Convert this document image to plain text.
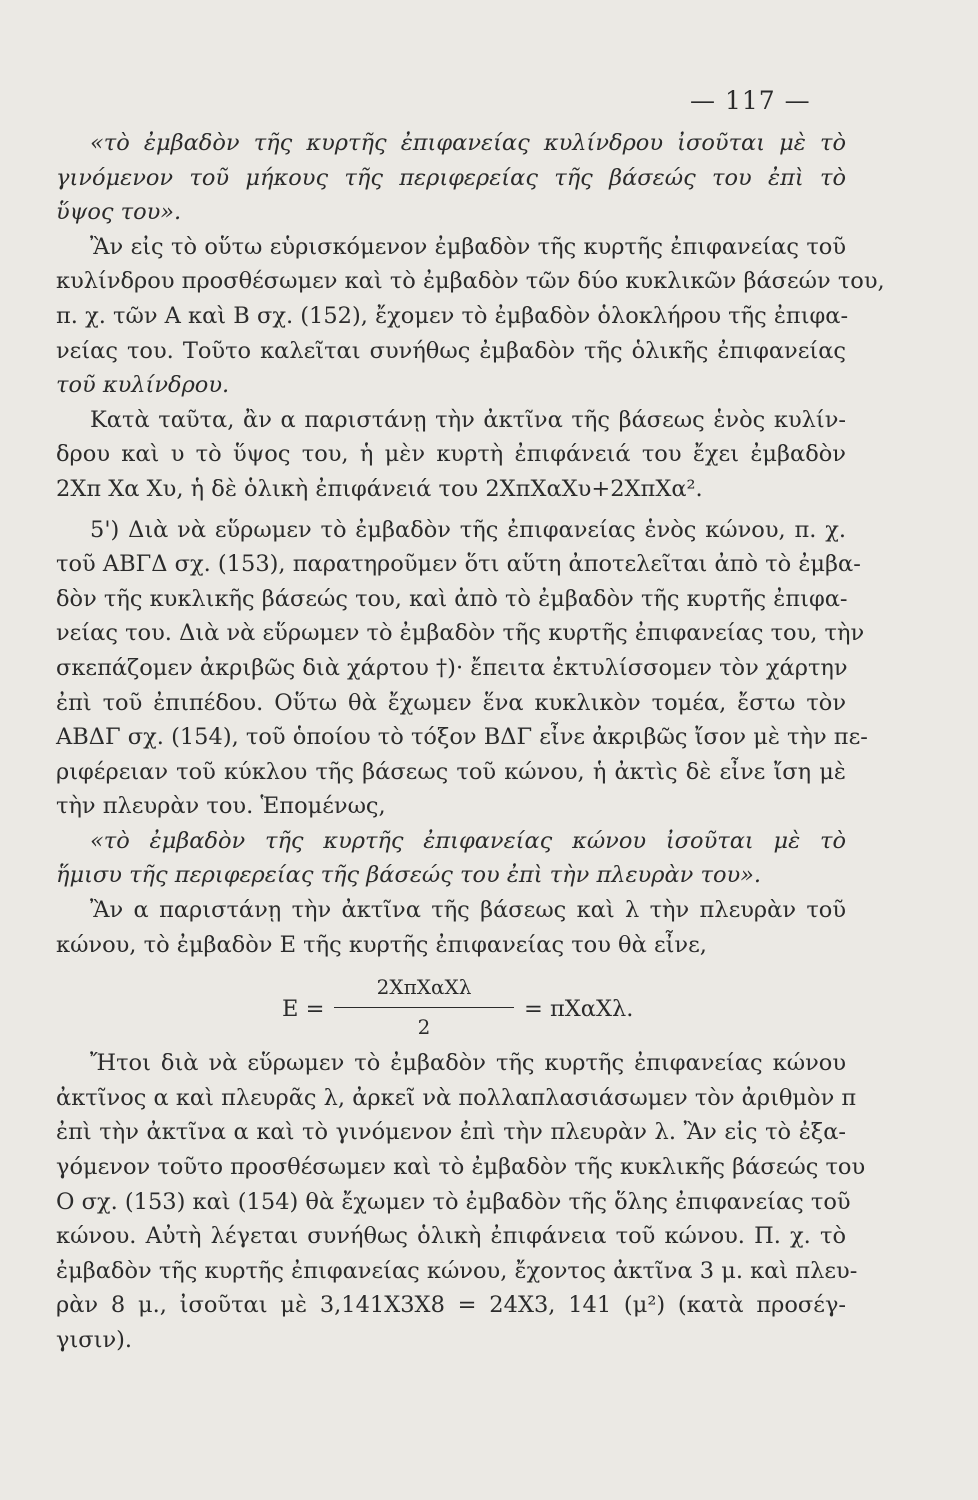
— 117 —
«τὸ ἐμβαδὸν τῆς κυρτῆς ἐπιφανείας κυλίνδρου ἰσοῦται μὲ τὸ
γινόμενον τοῦ μήκους τῆς περιφερείας τῆς βάσεώς του ἐπὶ τὸ
ὕψος του».
Ἂν εἰς τὸ οὕτω εὑρισκόμενον ἐμβαδὸν τῆς κυρτῆς ἐπιφανείας τοῦ
κυλίνδρου προσθέσωμεν καὶ τὸ ἐμβαδὸν τῶν δύο κυκλικῶν βάσεών του,
π. χ. τῶν Α καὶ Β σχ. (152), ἔχομεν τὸ ἐμβαδὸν ὁλοκλήρου τῆς ἐπιφα-
νείας του. Τοῦτο καλεῖται συνήθως ἐμβαδὸν τῆς ὁλικῆς ἐπιφανείας
τοῦ κυλίνδρου.
Κατὰ ταῦτα, ἂν α παριστάνῃ τὴν ἀκτῖνα τῆς βάσεως ἑνὸς κυλίν-
δρου καὶ υ τὸ ὕψος του, ἡ μὲν κυρτὴ ἐπιφάνειά του ἔχει ἐμβαδὸν
2Xπ Xα Xυ, ἡ δὲ ὁλικὴ ἐπιφάνειά του 2XπXαXυ+2XπXα².
5') Διὰ νὰ εὕρωμεν τὸ ἐμβαδὸν τῆς ἐπιφανείας ἑνὸς κώνου, π. χ.
τοῦ ΑΒΓΔ σχ. (153), παρατηροῦμεν ὅτι αὕτη ἀποτελεῖται ἀπὸ τὸ ἐμβα-
δὸν τῆς κυκλικῆς βάσεώς του, καὶ ἀπὸ τὸ ἐμβαδὸν τῆς κυρτῆς ἐπιφα-
νείας του. Διὰ νὰ εὕρωμεν τὸ ἐμβαδὸν τῆς κυρτῆς ἐπιφανείας του, τὴν
σκεπάζομεν ἀκριβῶς διὰ χάρτου †)· ἔπειτα ἐκτυλίσσομεν τὸν χάρτην
ἐπὶ τοῦ ἐπιπέδου. Οὕτω θὰ ἔχωμεν ἕνα κυκλικὸν τομέα, ἔστω τὸν
ΑΒΔΓ σχ. (154), τοῦ ὁποίου τὸ τόξον ΒΔΓ εἶνε ἀκριβῶς ἴσον μὲ τὴν πε-
ριφέρειαν τοῦ κύκλου τῆς βάσεως τοῦ κώνου, ἡ ἀκτὶς δὲ εἶνε ἴση μὲ
τὴν πλευρὰν του. Ἑπομένως,
«τὸ ἐμβαδὸν τῆς κυρτῆς ἐπιφανείας κώνου ἰσοῦται μὲ τὸ
ἥμισυ τῆς περιφερείας τῆς βάσεώς του ἐπὶ τὴν πλευρὰν του».
Ἂν α παριστάνῃ τὴν ἀκτῖνα τῆς βάσεως καὶ λ τὴν πλευρὰν τοῦ
κώνου, τὸ ἐμβαδὸν Ε τῆς κυρτῆς ἐπιφανείας του θὰ εἶνε,
Ε =
2XπXαXλ
2
= πXαXλ.
Ἤτοι διὰ νὰ εὕρωμεν τὸ ἐμβαδὸν τῆς κυρτῆς ἐπιφανείας κώνου
ἀκτῖνος α καὶ πλευρᾶς λ, ἀρκεῖ νὰ πολλαπλασιάσωμεν τὸν ἀριθμὸν π
ἐπὶ τὴν ἀκτῖνα α καὶ τὸ γινόμενον ἐπὶ τὴν πλευρὰν λ. Ἂν εἰς τὸ ἐξα-
γόμενον τοῦτο προσθέσωμεν καὶ τὸ ἐμβαδὸν τῆς κυκλικῆς βάσεώς του
Ο σχ. (153) καὶ (154) θὰ ἔχωμεν τὸ ἐμβαδὸν τῆς ὅλης ἐπιφανείας τοῦ
κώνου. Αὐτὴ λέγεται συνήθως ὁλικὴ ἐπιφάνεια τοῦ κώνου. Π. χ. τὸ
ἐμβαδὸν τῆς κυρτῆς ἐπιφανείας κώνου, ἔχοντος ἀκτῖνα 3 μ. καὶ πλευ-
ρὰν 8 μ., ἰσοῦται μὲ 3,141X3X8 = 24X3, 141 (μ²) (κατὰ προσέγ-
γισιν).
